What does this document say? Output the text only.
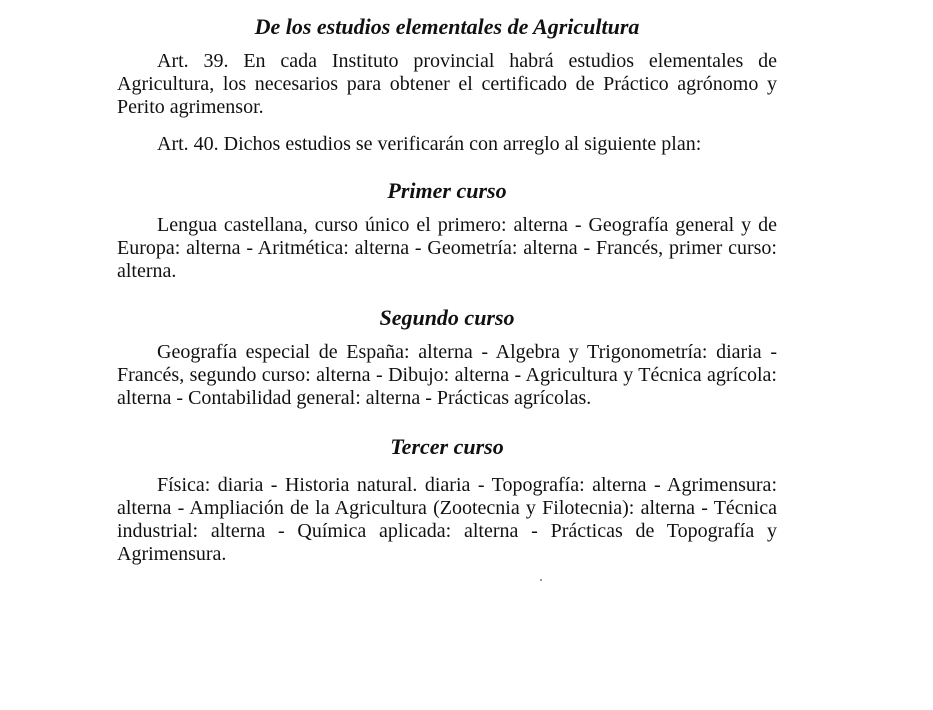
De los estudios elementales de Agricultura

Art. 39. En cada Instituto provincial habrá estudios elementales de Agricultura, los necesarios para obtener el certificado de Práctico agrónomo y Perito agrimensor.

Art. 40. Dichos estudios se verificarán con arreglo al siguiente plan:

Primer curso

Lengua castellana, curso único el primero: alterna - Geografía general y de Europa: alterna - Aritmética: alterna - Geometría: alterna - Francés, primer curso: alterna.

Segundo curso

Geografía especial de España: alterna - Algebra y Trigonometría: diaria - Francés, segundo curso: alterna - Dibujo: alterna - Agricultura y Técnica agrícola: alterna - Contabilidad general: alterna - Prácticas agrícolas.

Tercer curso

Física: diaria - Historia natural. diaria - Topografía: alterna - Agrimensura: alterna - Ampliación de la Agricultura (Zootecnia y Filotecnia): alterna - Técnica industrial: alterna - Química aplicada: alterna - Prácticas de Topografía y Agrimensura.
